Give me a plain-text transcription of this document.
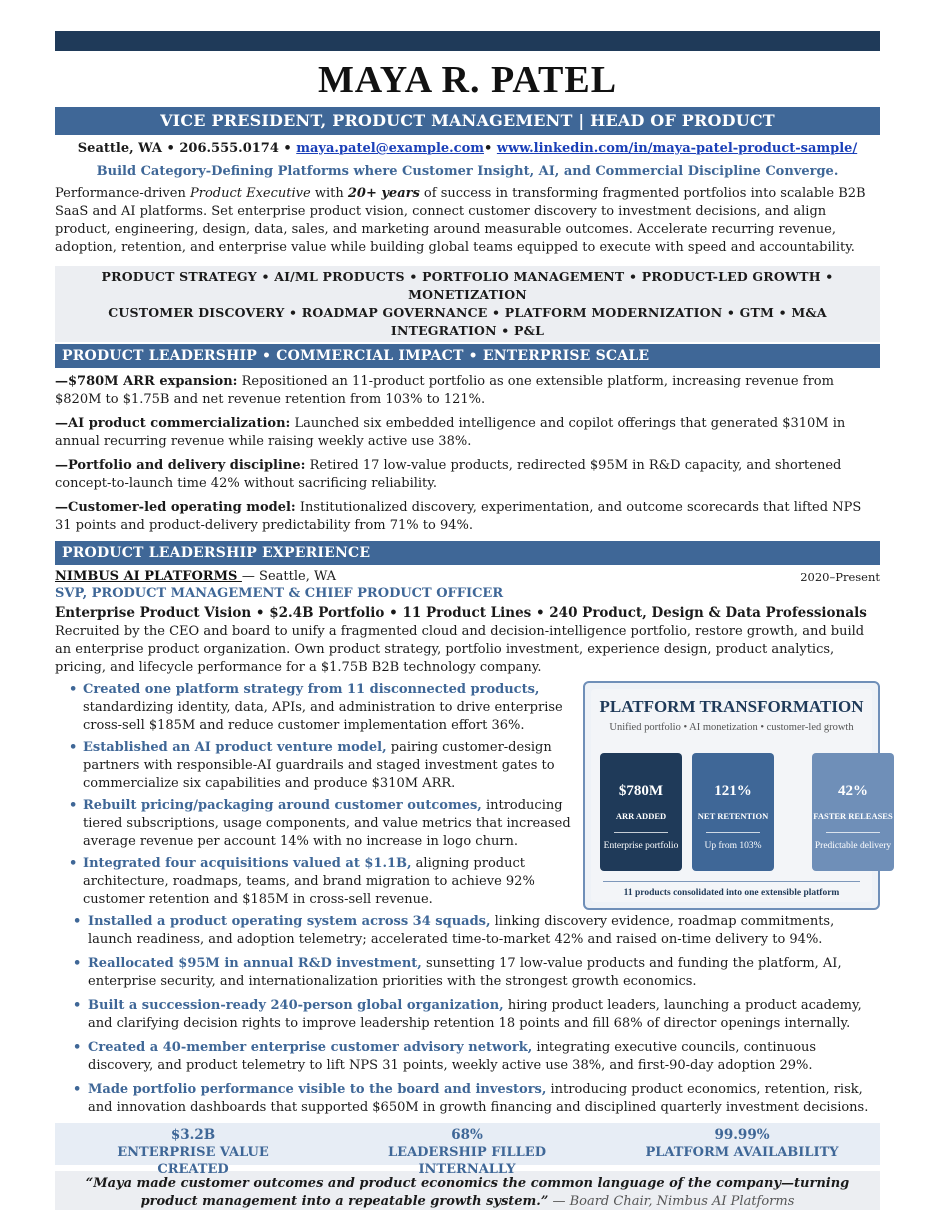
MAYA R. PATEL
VICE PRESIDENT, PRODUCT MANAGEMENT | HEAD OF PRODUCT
Seattle, WA • 206.555.0174 • maya.patel@example.com• www.linkedin.com/in/maya-patel-product-sample/
Build Category-Defining Platforms where Customer Insight, AI, and Commercial Discipline Converge.
Performance-driven Product Executive with 20+ years of success in transforming fragmented portfolios into scalable B2B SaaS and AI platforms. Set enterprise product vision, connect customer discovery to investment decisions, and align product, engineering, design, data, sales, and marketing around measurable outcomes. Accelerate recurring revenue, adoption, retention, and enterprise value while building global teams equipped to execute with speed and accountability.
PRODUCT STRATEGY • AI/ML PRODUCTS • PORTFOLIO MANAGEMENT • PRODUCT-LED GROWTH • MONETIZATION
CUSTOMER DISCOVERY • ROADMAP GOVERNANCE • PLATFORM MODERNIZATION • GTM • M&A INTEGRATION • P&L
PRODUCT LEADERSHIP • COMMERCIAL IMPACT • ENTERPRISE SCALE
—$780M ARR expansion: Repositioned an 11-product portfolio as one extensible platform, increasing revenue from $820M to $1.75B and net revenue retention from 103% to 121%.
—AI product commercialization: Launched six embedded intelligence and copilot offerings that generated $310M in annual recurring revenue while raising weekly active use 38%.
—Portfolio and delivery discipline: Retired 17 low-value products, redirected $95M in R&D capacity, and shortened concept-to-launch time 42% without sacrificing reliability.
—Customer-led operating model: Institutionalized discovery, experimentation, and outcome scorecards that lifted NPS 31 points and product-delivery predictability from 71% to 94%.
PRODUCT LEADERSHIP EXPERIENCE
NIMBUS AI PLATFORMS — Seattle, WA	2020–Present
SVP, PRODUCT MANAGEMENT & CHIEF PRODUCT OFFICER
Enterprise Product Vision • $2.4B Portfolio • 11 Product Lines • 240 Product, Design & Data Professionals
Recruited by the CEO and board to unify a fragmented cloud and decision-intelligence portfolio, restore growth, and build an enterprise product organization. Own product strategy, portfolio investment, experience design, product analytics, pricing, and lifecycle performance for a $1.75B B2B technology company.
PLATFORM TRANSFORMATION
Unified portfolio • AI monetization • customer-led growth
$780M
ARR ADDED
Enterprise portfolio
121%
NET RETENTION
Up from 103%
42%
FASTER RELEASES
Predictable delivery
11 products consolidated into one extensible platform
• Created one platform strategy from 11 disconnected products, standardizing identity, data, APIs, and administration to drive enterprise cross-sell $185M and reduce customer implementation effort 36%.
• Established an AI product venture model, pairing customer-design partners with responsible-AI guardrails and staged investment gates to commercialize six capabilities and produce $310M ARR.
• Rebuilt pricing/packaging around customer outcomes, introducing tiered subscriptions, usage components, and value metrics that increased average revenue per account 14% with no increase in logo churn.
• Integrated four acquisitions valued at $1.1B, aligning product architecture, roadmaps, teams, and brand migration to achieve 92% customer retention and $185M in cross-sell revenue.
• Installed a product operating system across 34 squads, linking discovery evidence, roadmap commitments, launch readiness, and adoption telemetry; accelerated time-to-market 42% and raised on-time delivery to 94%.
• Reallocated $95M in annual R&D investment, sunsetting 17 low-value products and funding the platform, AI, enterprise security, and internationalization priorities with the strongest growth economics.
• Built a succession-ready 240-person global organization, hiring product leaders, launching a product academy, and clarifying decision rights to improve leadership retention 18 points and fill 68% of director openings internally.
• Created a 40-member enterprise customer advisory network, integrating executive councils, continuous discovery, and product telemetry to lift NPS 31 points, weekly active use 38%, and first-90-day adoption 29%.
• Made portfolio performance visible to the board and investors, introducing product economics, retention, risk, and innovation dashboards that supported $650M in growth financing and disciplined quarterly investment decisions.
$3.2B
ENTERPRISE VALUE CREATED
68%
LEADERSHIP FILLED INTERNALLY
99.99%
PLATFORM AVAILABILITY
“Maya made customer outcomes and product economics the common language of the company—turning product management into a repeatable growth system.” — Board Chair, Nimbus AI Platforms
